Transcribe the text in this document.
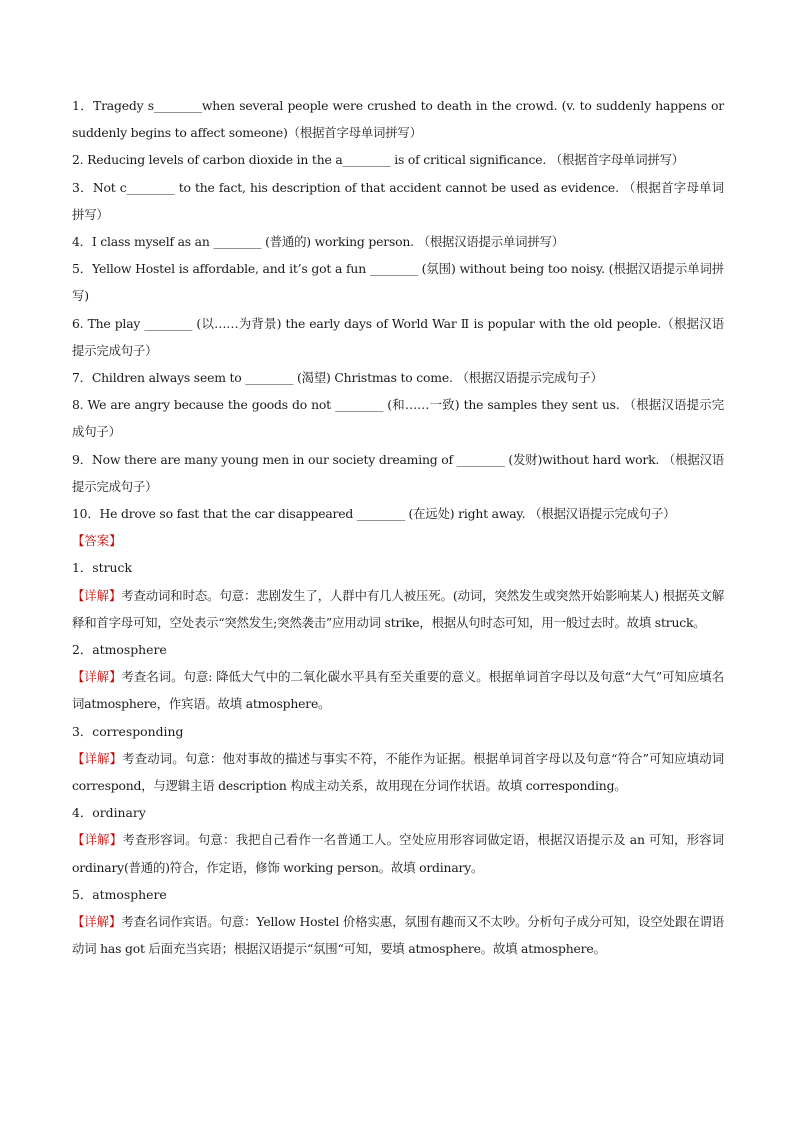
1．Tragedy s________when several people were crushed to death in the crowd. (v. to suddenly happens or suddenly begins to affect someone)（根据首字母单词拼写）

2. Reducing levels of carbon dioxide in the a________ is of critical significance. （根据首字母单词拼写）

3．Not c________ to the fact, his description of that accident cannot be used as evidence. （根据首字母单词拼写）

4．I class myself as an ________ (普通的) working person. （根据汉语提示单词拼写）

5．Yellow Hostel is affordable, and it’s got a fun ________ (氛围) without being too noisy. (根据汉语提示单词拼写)

6. The play ________ (以……为背景) the early days of World War Ⅱ is popular with the old people.（根据汉语提示完成句子）

7．Children always seem to ________ (渴望) Christmas to come. （根据汉语提示完成句子）

8. We are angry because the goods do not ________ (和……一致) the samples they sent us. （根据汉语提示完成句子）

9．Now there are many young men in our society dreaming of ________ (发财)without hard work. （根据汉语提示完成句子）

10．He drove so fast that the car disappeared ________ (在远处) right away. （根据汉语提示完成句子）

【答案】

1．struck

【详解】考查动词和时态。句意：悲剧发生了，人群中有几人被压死。(动词，突然发生或突然开始影响某人) 根据英文解释和首字母可知，空处表示“突然发生;突然袭击”应用动词 strike，根据从句时态可知，用一般过去时。故填 struck。

2．atmosphere

【详解】考查名词。句意: 降低大气中的二氧化碳水平具有至关重要的意义。根据单词首字母以及句意“大气”可知应填名词atmosphere，作宾语。故填 atmosphere。

3．corresponding

【详解】考查动词。句意：他对事故的描述与事实不符，不能作为证据。根据单词首字母以及句意“符合”可知应填动词 correspond，与逻辑主语 description 构成主动关系，故用现在分词作状语。故填 corresponding。

4．ordinary

【详解】考查形容词。句意：我把自己看作一名普通工人。空处应用形容词做定语，根据汉语提示及 an 可知，形容词 ordinary(普通的)符合，作定语，修饰 working person。故填 ordinary。

5．atmosphere

【详解】考查名词作宾语。句意：Yellow Hostel 价格实惠，氛围有趣而又不太吵。分析句子成分可知，设空处跟在谓语动词 has got 后面充当宾语；根据汉语提示“氛围“可知，要填 atmosphere。故填 atmosphere。
